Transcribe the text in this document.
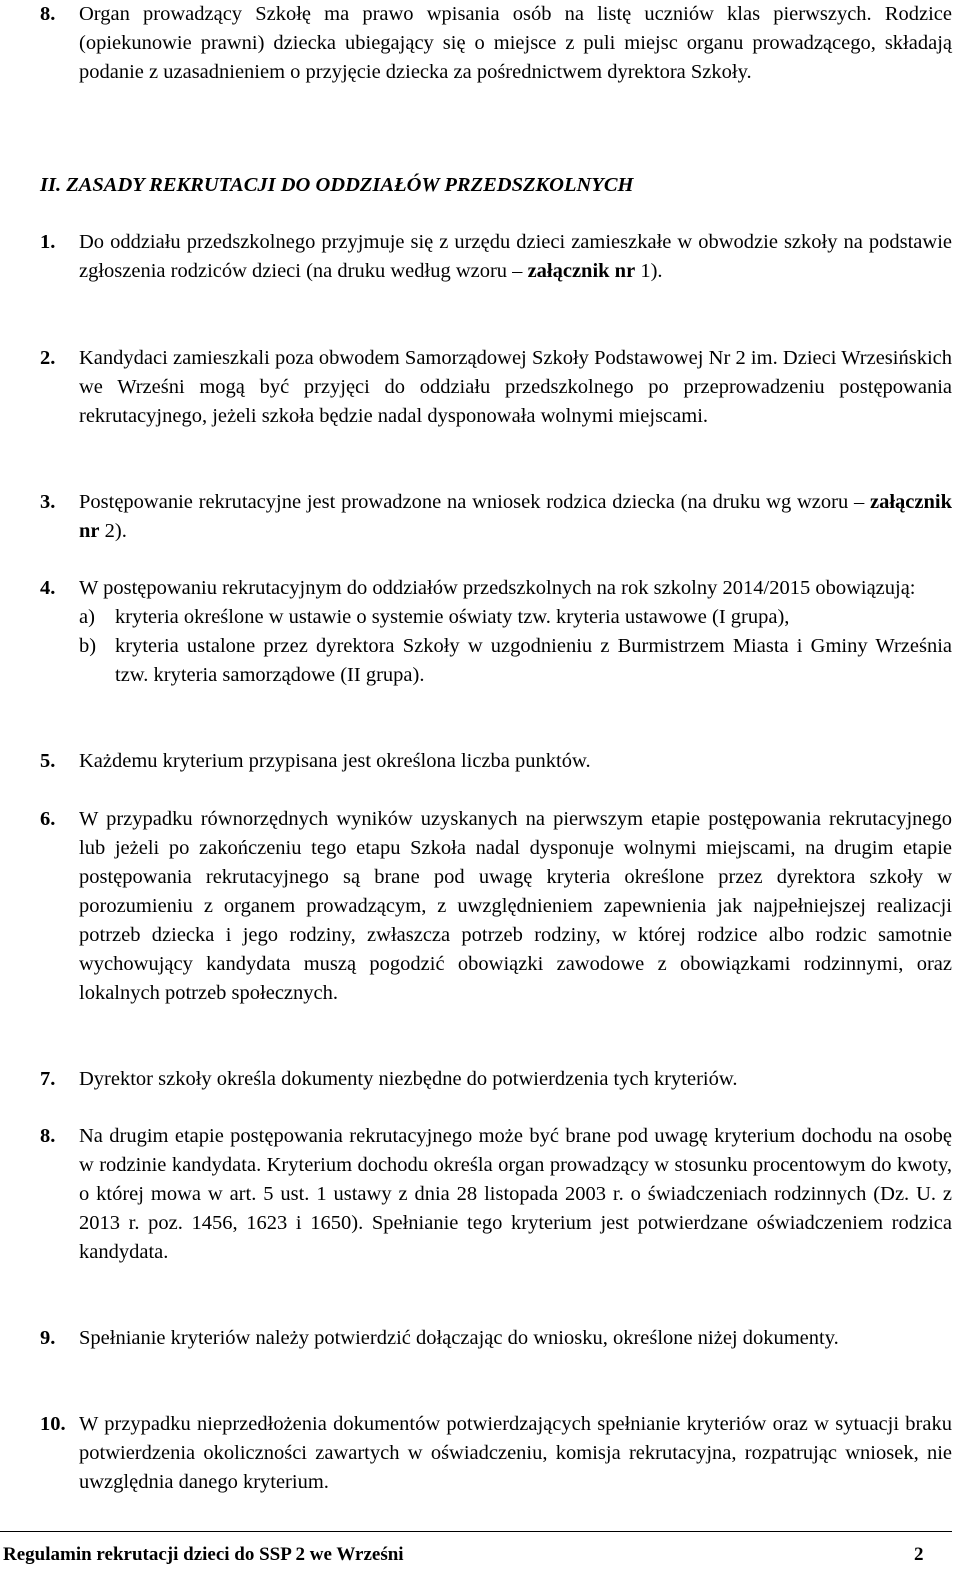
8. Organ prowadzący Szkołę ma prawo wpisania osób na listę uczniów klas pierwszych. Rodzice (opiekunowie prawni) dziecka ubiegający się o miejsce z puli miejsc organu prowadzącego, składają podanie z uzasadnieniem o przyjęcie dziecka za pośrednictwem dyrektora Szkoły.

II. ZASADY REKRUTACJI DO ODDZIAŁÓW PRZEDSZKOLNYCH
1. Do oddziału przedszkolnego przyjmuje się z urzędu dzieci zamieszkałe w obwodzie szkoły na podstawie zgłoszenia rodziców dzieci (na druku według wzoru – załącznik nr 1).

2. Kandydaci zamieszkali poza obwodem Samorządowej Szkoły Podstawowej Nr 2 im. Dzieci Wrzesińskich we Wrześni mogą być przyjęci do oddziału przedszkolnego po przeprowadzeniu postępowania rekrutacyjnego, jeżeli szkoła będzie nadal dysponowała wolnymi miejscami.

3. Postępowanie rekrutacyjne jest prowadzone na wniosek rodzica dziecka (na druku wg wzoru – załącznik nr 2).

4. W postępowaniu rekrutacyjnym do oddziałów przedszkolnych na rok szkolny 2014/2015 obowiązują:

a) kryteria określone w ustawie o systemie oświaty tzw. kryteria ustawowe (I grupa),
b) kryteria ustalone przez dyrektora Szkoły w uzgodnieniu z Burmistrzem Miasta i Gminy Września tzw. kryteria samorządowe (II grupa).
5. Każdemu kryterium przypisana jest określona liczba punktów.

6. W przypadku równorzędnych wyników uzyskanych na pierwszym etapie postępowania rekrutacyjnego lub jeżeli po zakończeniu tego etapu Szkoła nadal dysponuje wolnymi miejscami, na drugim etapie postępowania rekrutacyjnego są brane pod uwagę kryteria określone przez dyrektora szkoły w porozumieniu z organem prowadzącym, z uwzględnieniem zapewnienia jak najpełniejszej realizacji potrzeb dziecka i jego rodziny, zwłaszcza potrzeb rodziny, w której rodzice albo rodzic samotnie wychowujący kandydata muszą pogodzić obowiązki zawodowe z obowiązkami rodzinnymi, oraz lokalnych potrzeb społecznych.

7. Dyrektor szkoły określa dokumenty niezbędne do potwierdzenia tych kryteriów.

8. Na drugim etapie postępowania rekrutacyjnego może być brane pod uwagę kryterium dochodu na osobę w rodzinie kandydata. Kryterium dochodu określa organ prowadzący w stosunku procentowym do kwoty, o której mowa w art. 5 ust. 1 ustawy z dnia 28 listopada 2003 r. o świadczeniach rodzinnych (Dz. U. z 2013 r. poz. 1456, 1623 i 1650). Spełnianie tego kryterium jest potwierdzane oświadczeniem rodzica kandydata.

9. Spełnianie kryteriów należy potwierdzić dołączając do wniosku, określone niżej dokumenty.

10. W przypadku nieprzedłożenia dokumentów potwierdzających spełnianie kryteriów oraz w sytuacji braku potwierdzenia okoliczności zawartych w oświadczeniu, komisja rekrutacyjna, rozpatrując wniosek, nie uwzględnia danego kryterium.

Regulamin rekrutacji dzieci do SSP 2 we Wrześni	2
